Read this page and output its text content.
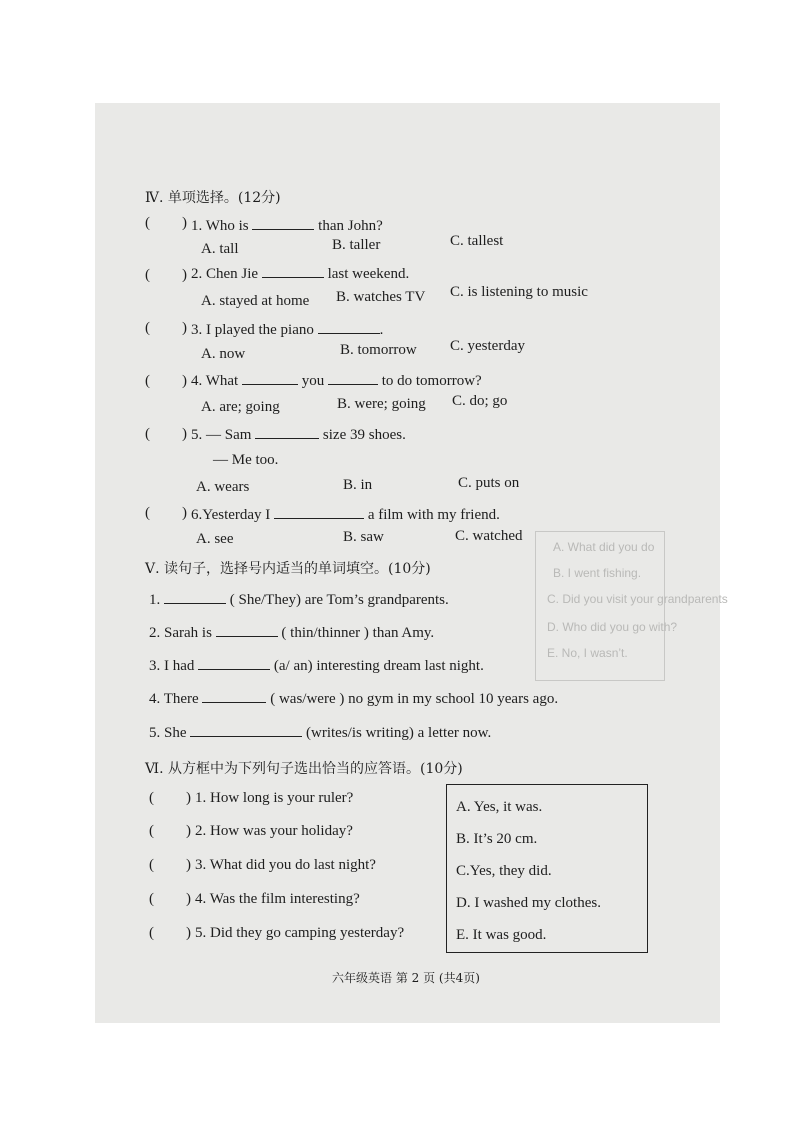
A. What did you do
B. I went fishing.
C. Did you visit your grandparents
D. Who did you go with?
E. No, I wasn’t.
Ⅳ. 单项选择。(12分)
( ) 1. Who is	than John?
A. tall	B. taller	C. tallest
( ) 2. Chen Jie	last weekend.
A. stayed at home B. watches TV C. is listening to music
( ) 3. I played the piano	.
A. now	B. tomorrow C. yesterday
( ) 4. What	you	to do tomorrow?
A. are; going	B. were; going C. do; go
( ) 5. — Sam	size 39 shoes.
— Me too.
A. wears	B. in	C. puts on
( ) 6.Yesterday I	a film with my friend.
A. see	B. saw	C. watched
Ⅴ. 读句子，选择号内适当的单词填空。(10分)
1.	( She/They) are Tom’s grandparents.
2. Sarah is	( thin/thinner ) than Amy.
3. I had	(a/ an) interesting dream last night.
4. There	( was/were ) no gym in my school 10 years ago.
5. She	(writes/is writing) a letter now.
Ⅵ. 从方框中为下列句子选出恰当的应答语。(10分)
( ) 1. How long is your ruler?
( ) 2. How was your holiday?
( ) 3. What did you do last night?
( ) 4. Was the film interesting?
( ) 5. Did they go camping yesterday?
六年级英语 第 2 页 (共4页)
A. Yes, it was.
B. It’s 20 cm.
C.Yes, they did.
D. I washed my clothes.
E. It was good.
